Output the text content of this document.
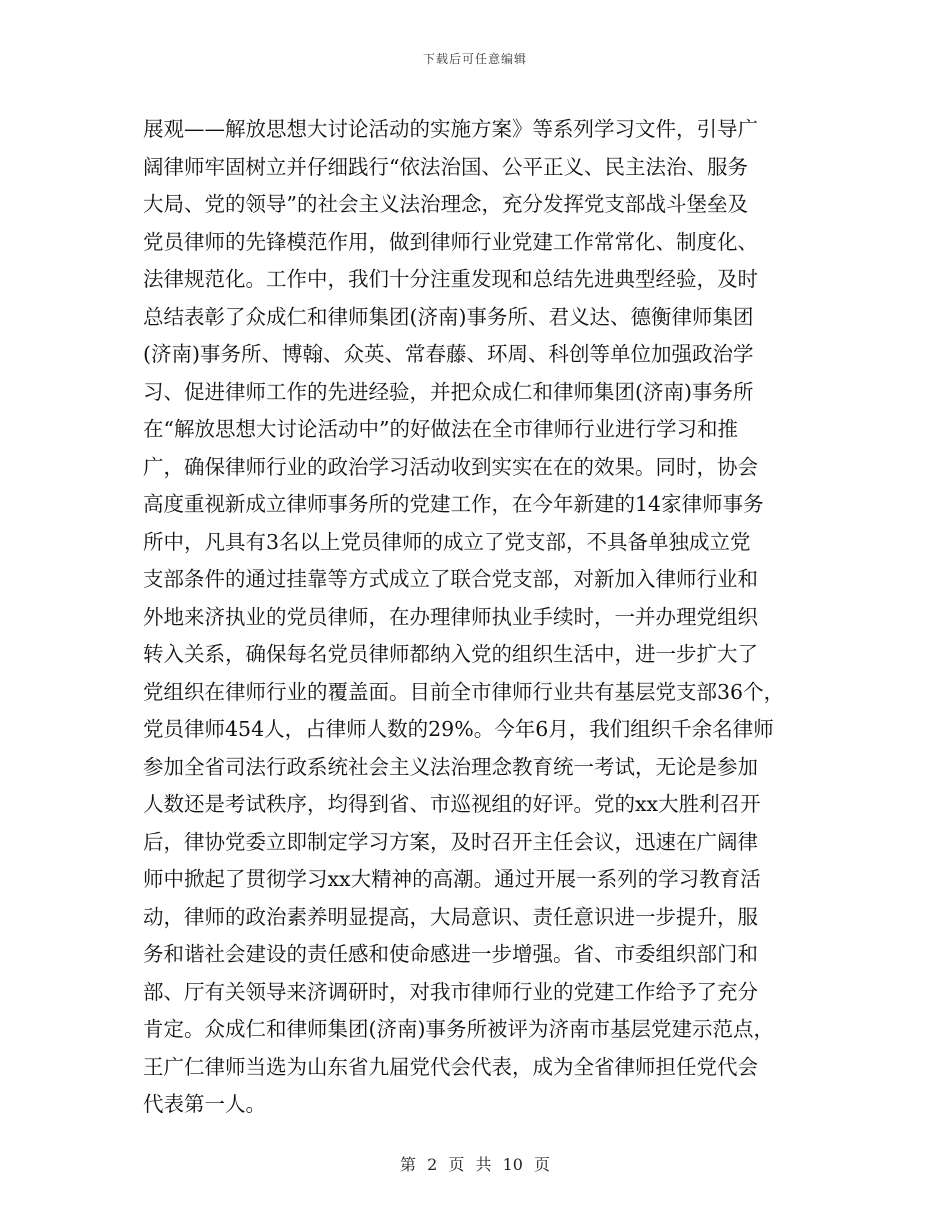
下载后可任意编辑
展观——解放思想大讨论活动的实施方案》等系列学习文件，引导广
阔律师牢固树立并仔细践行“依法治国、公平正义、民主法治、服务
大局、党的领导”的社会主义法治理念，充分发挥党支部战斗堡垒及
党员律师的先锋模范作用，做到律师行业党建工作常常化、制度化、
法律规范化。工作中，我们十分注重发现和总结先进典型经验，及时
总结表彰了众成仁和律师集团(济南)事务所、君义达、德衡律师集团
(济南)事务所、博翰、众英、常春藤、环周、科创等单位加强政治学
习、促进律师工作的先进经验，并把众成仁和律师集团(济南)事务所
在“解放思想大讨论活动中”的好做法在全市律师行业进行学习和推
广，确保律师行业的政治学习活动收到实实在在的效果。同时，协会
高度重视新成立律师事务所的党建工作，在今年新建的14家律师事务
所中，凡具有3名以上党员律师的成立了党支部，不具备单独成立党
支部条件的通过挂靠等方式成立了联合党支部，对新加入律师行业和
外地来济执业的党员律师，在办理律师执业手续时，一并办理党组织
转入关系，确保每名党员律师都纳入党的组织生活中，进一步扩大了
党组织在律师行业的覆盖面。目前全市律师行业共有基层党支部36个，
党员律师454人，占律师人数的29%。今年6月，我们组织千余名律师
参加全省司法行政系统社会主义法治理念教育统一考试，无论是参加
人数还是考试秩序，均得到省、市巡视组的好评。党的xx大胜利召开
后，律协党委立即制定学习方案，及时召开主任会议，迅速在广阔律
师中掀起了贯彻学习xx大精神的高潮。通过开展一系列的学习教育活
动，律师的政治素养明显提高，大局意识、责任意识进一步提升，服
务和谐社会建设的责任感和使命感进一步增强。省、市委组织部门和
部、厅有关领导来济调研时，对我市律师行业的党建工作给予了充分
肯定。众成仁和律师集团(济南)事务所被评为济南市基层党建示范点，
王广仁律师当选为山东省九届党代会代表，成为全省律师担任党代会
代表第一人。
第 2 页 共 10 页
